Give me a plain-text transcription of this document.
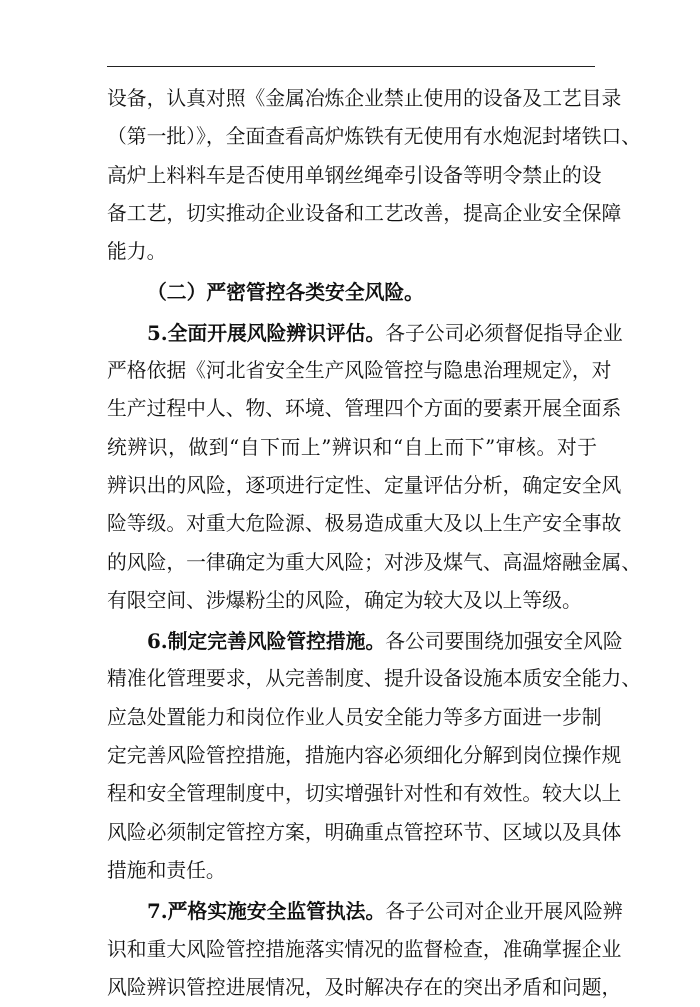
设备，认真对照《金属冶炼企业禁止使用的设备及工艺目录
（第一批）》，全面查看高炉炼铁有无使用有水炮泥封堵铁口、
高炉上料料车是否使用单钢丝绳牵引设备等明令禁止的设
备工艺，切实推动企业设备和工艺改善，提高企业安全保障
能力。
（二）严密管控各类安全风险。
5.全面开展风险辨识评估。各子公司必须督促指导企业
严格依据《河北省安全生产风险管控与隐患治理规定》，对
生产过程中人、物、环境、管理四个方面的要素开展全面系
统辨识，做到“自下而上”辨识和“自上而下”审核。对于
辨识出的风险，逐项进行定性、定量评估分析，确定安全风
险等级。对重大危险源、极易造成重大及以上生产安全事故
的风险，一律确定为重大风险；对涉及煤气、高温熔融金属、
有限空间、涉爆粉尘的风险，确定为较大及以上等级。
6.制定完善风险管控措施。各公司要围绕加强安全风险
精准化管理要求，从完善制度、提升设备设施本质安全能力、
应急处置能力和岗位作业人员安全能力等多方面进一步制
定完善风险管控措施，措施内容必须细化分解到岗位操作规
程和安全管理制度中，切实增强针对性和有效性。较大以上
风险必须制定管控方案，明确重点管控环节、区域以及具体
措施和责任。
7.严格实施安全监管执法。各子公司对企业开展风险辨
识和重大风险管控措施落实情况的监督检查，准确掌握企业
风险辨识管控进展情况，及时解决存在的突出矛盾和问题，
